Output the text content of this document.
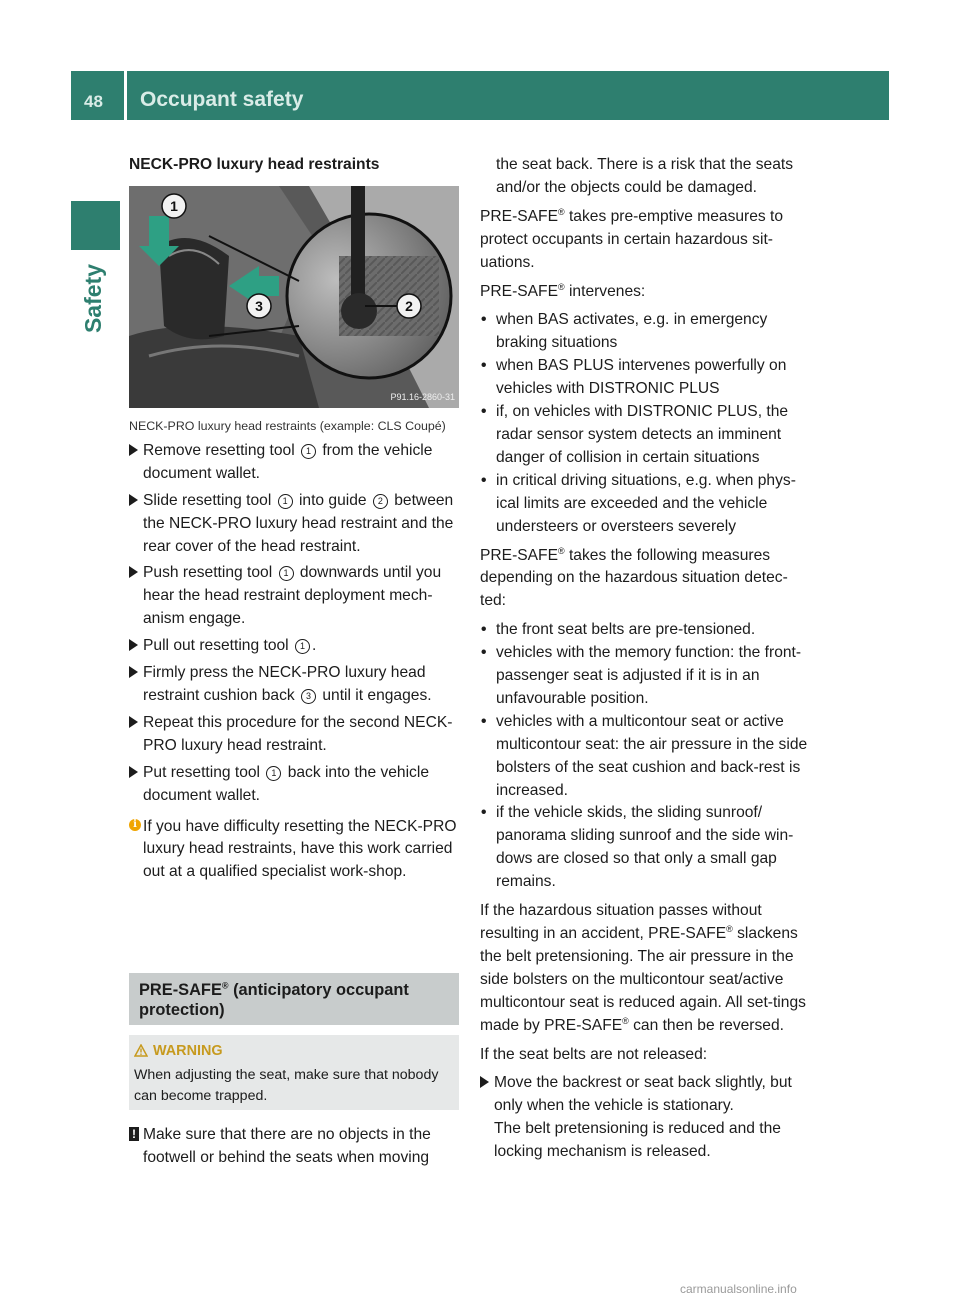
48 Occupant safety
Safety

NECK-PRO luxury head restraints

1
3	2
P91.16-2860-31

NECK-PRO luxury head restraints (example: CLS Coupé)

Remove resetting tool 1 from the vehicle document wallet.
Slide resetting tool 1 into guide 2 between the NECK-PRO luxury head restraint and the rear cover of the head restraint.
Push resetting tool 1 downwards until you hear the head restraint deployment mech-anism engage.
Pull out resetting tool 1 .
Firmly press the NECK-PRO luxury head restraint cushion back 3 until it engages.
Repeat this procedure for the second NECK-PRO luxury head restraint.
Put resetting tool 1 back into the vehicle document wallet.
i If you have difficulty resetting the NECK-PRO luxury head restraints, have this work carried out at a qualified specialist work-shop.
PRE-SAFE® (anticipatory occupant protection)
WARNING
When adjusting the seat, make sure that nobody can become trapped.
! Make sure that there are no objects in the footwell or behind the seats when moving

the seat back. There is a risk that the seats and/or the objects could be damaged.

PRE-SAFE® takes pre-emptive measures to protect occupants in certain hazardous sit-uations.

PRE-SAFE® intervenes:

• when BAS activates, e.g. in emergency braking situations
• when BAS PLUS intervenes powerfully on vehicles with DISTRONIC PLUS
• if, on vehicles with DISTRONIC PLUS, the radar sensor system detects an imminent danger of collision in certain situations
• in critical driving situations, e.g. when phys-ical limits are exceeded and the vehicle understeers or oversteers severely

PRE-SAFE® takes the following measures depending on the hazardous situation detec-ted:

• the front seat belts are pre-tensioned.
• vehicles with the memory function: the front-passenger seat is adjusted if it is in an unfavourable position.
• vehicles with a multicontour seat or active multicontour seat: the air pressure in the side bolsters of the seat cushion and back-rest is increased.
• if the vehicle skids, the sliding sunroof/ panorama sliding sunroof and the side win-dows are closed so that only a small gap remains.

If the hazardous situation passes without resulting in an accident, PRE-SAFE® slackens the belt pretensioning. The air pressure in the side bolsters on the multicontour seat/active multicontour seat is reduced again. All set-tings made by PRE-SAFE® can then be reversed.

If the seat belts are not released:

Move the backrest or seat back slightly, but only when the vehicle is stationary.
The belt pretensioning is reduced and the locking mechanism is released.
carmanualsonline.info
